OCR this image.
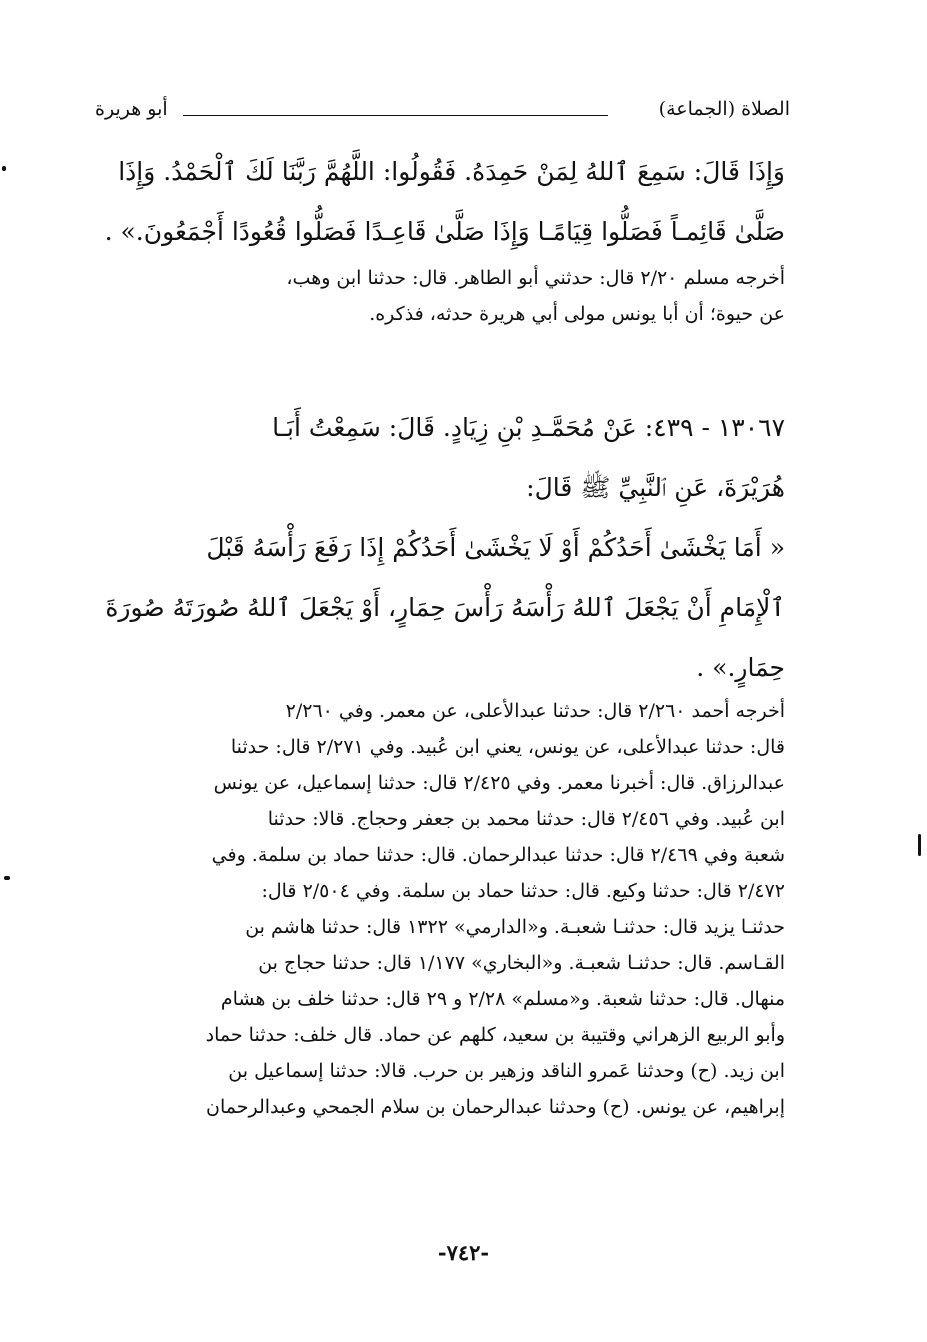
الصلاة (الجماعة)
أبو هريرة
وَإِذَا قَالَ: سَمِعَ ٱللهُ لِمَنْ حَمِدَهُ. فَقُولُوا: اللَّهُمَّ رَبَّنَا لَكَ ٱلْحَمْدُ. وَإِذَا
صَلَّىٰ قَائِمـاً فَصَلُّوا قِيَامًـا وَإِذَا صَلَّىٰ قَاعِـدًا فَصَلُّوا قُعُودًا أَجْمَعُونَ.» .
أخرجه مسلم ٢/٢٠ قال: حدثني أبو الطاهر. قال: حدثنا ابن وهب،
عن حيوة؛ أن أبا يونس مولى أبي هريرة حدثه، فذكره.
١٣٠٦٧ - ٤٣٩: عَنْ مُحَمَّـدِ بْنِ زِيَادٍ. قَالَ: سَمِعْتُ أَبَـا
هُرَيْرَةَ، عَنِ ٱلنَّبِيِّ ﷺ قَالَ:
« أَمَا يَخْشَىٰ أَحَدُكُمْ أَوْ لَا يَخْشَىٰ أَحَدُكُمْ إِذَا رَفَعَ رَأْسَهُ قَبْلَ
ٱلْإِمَامِ أَنْ يَجْعَلَ ٱللهُ رَأْسَهُ رَأْسَ حِمَارٍ، أَوْ يَجْعَلَ ٱللهُ صُورَتَهُ صُورَةَ
حِمَارٍ.» .
أخرجه أحمد ٢/٢٦٠ قال: حدثنا عبدالأعلى، عن معمر. وفي ٢/٢٦٠
قال: حدثنا عبدالأعلى، عن يونس، يعني ابن عُبيد. وفي ٢/٢٧١ قال: حدثنا
عبدالرزاق. قال: أخبرنا معمر. وفي ٢/٤٢٥ قال: حدثنا إسماعيل، عن يونس
ابن عُبيد. وفي ٢/٤٥٦ قال: حدثنا محمد بن جعفر وحجاج. قالا: حدثنا
شعبة وفي ٢/٤٦٩ قال: حدثنا عبدالرحمان. قال: حدثنا حماد بن سلمة. وفي
٢/٤٧٢ قال: حدثنا وكيع. قال: حدثنا حماد بن سلمة. وفي ٢/٥٠٤ قال:
حدثنـا يزيد قال: حدثنـا شعبـة. و«الدارمي» ١٣٢٢ قال: حدثنا هاشم بن
القـاسم. قال: حدثنـا شعبـة. و«البخاري» ١/١٧٧ قال: حدثنا حجاج بن
منهال. قال: حدثنا شعبة. و«مسلم» ٢/٢٨ و ٢٩ قال: حدثنا خلف بن هشام
وأبو الربيع الزهراني وقتيبة بن سعيد، كلهم عن حماد. قال خلف: حدثنا حماد
ابن زيد. (ح) وحدثنا عَمرو الناقد وزهير بن حرب. قالا: حدثنا إسماعيل بن
إبراهيم، عن يونس. (ح) وحدثنا عبدالرحمان بن سلام الجمحي وعبدالرحمان
-٧٤٢-
